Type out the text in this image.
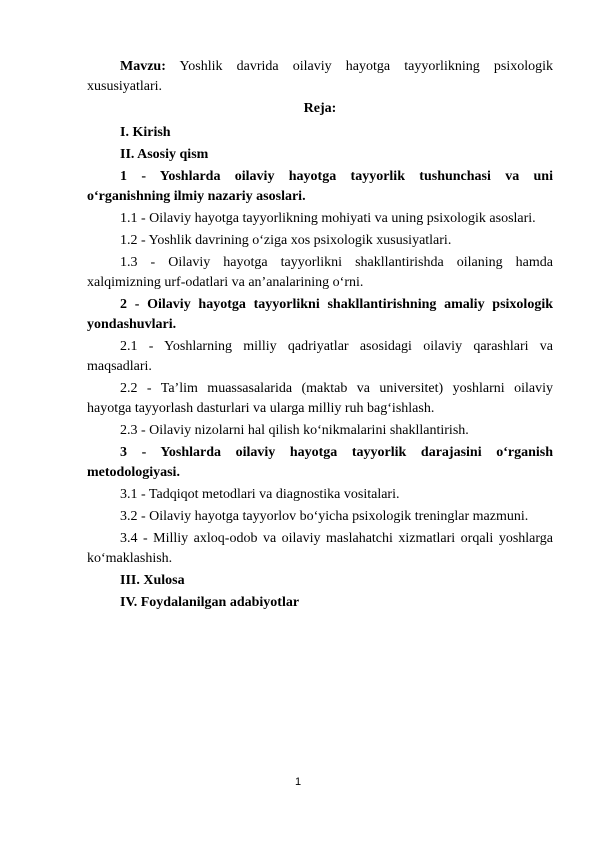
Mavzu: Yoshlik davrida oilaviy hayotga tayyorlikning psixologik xususiyatlari.

Reja:

I. Kirish

II. Asosiy qism

1 - Yoshlarda oilaviy hayotga tayyorlik tushunchasi va uni o‘rganishning ilmiy nazariy asoslari.

1.1 - Oilaviy hayotga tayyorlikning mohiyati va uning psixologik asoslari.

1.2 - Yoshlik davrining o‘ziga xos psixologik xususiyatlari.

1.3 - Oilaviy hayotga tayyorlikni shakllantirishda oilaning hamda xalqimizning urf-odatlari va an’analarining o‘rni.

2 - Oilaviy hayotga tayyorlikni shakllantirishning amaliy psixologik yondashuvlari.

2.1 - Yoshlarning milliy qadriyatlar asosidagi oilaviy qarashlari va maqsadlari.

2.2 - Ta’lim muassasalarida (maktab va universitet) yoshlarni oilaviy hayotga tayyorlash dasturlari va ularga milliy ruh bag‘ishlash.

2.3 - Oilaviy nizolarni hal qilish ko‘nikmalarini shakllantirish.

3 - Yoshlarda oilaviy hayotga tayyorlik darajasini o‘rganish metodologiyasi.

3.1 - Tadqiqot metodlari va diagnostika vositalari.

3.2 - Oilaviy hayotga tayyorlov bo‘yicha psixologik treninglar mazmuni.

3.4 - Milliy axloq-odob va oilaviy maslahatchi xizmatlari orqali yoshlarga ko‘maklashish.

III. Xulosa

IV. Foydalanilgan adabiyotlar

1
